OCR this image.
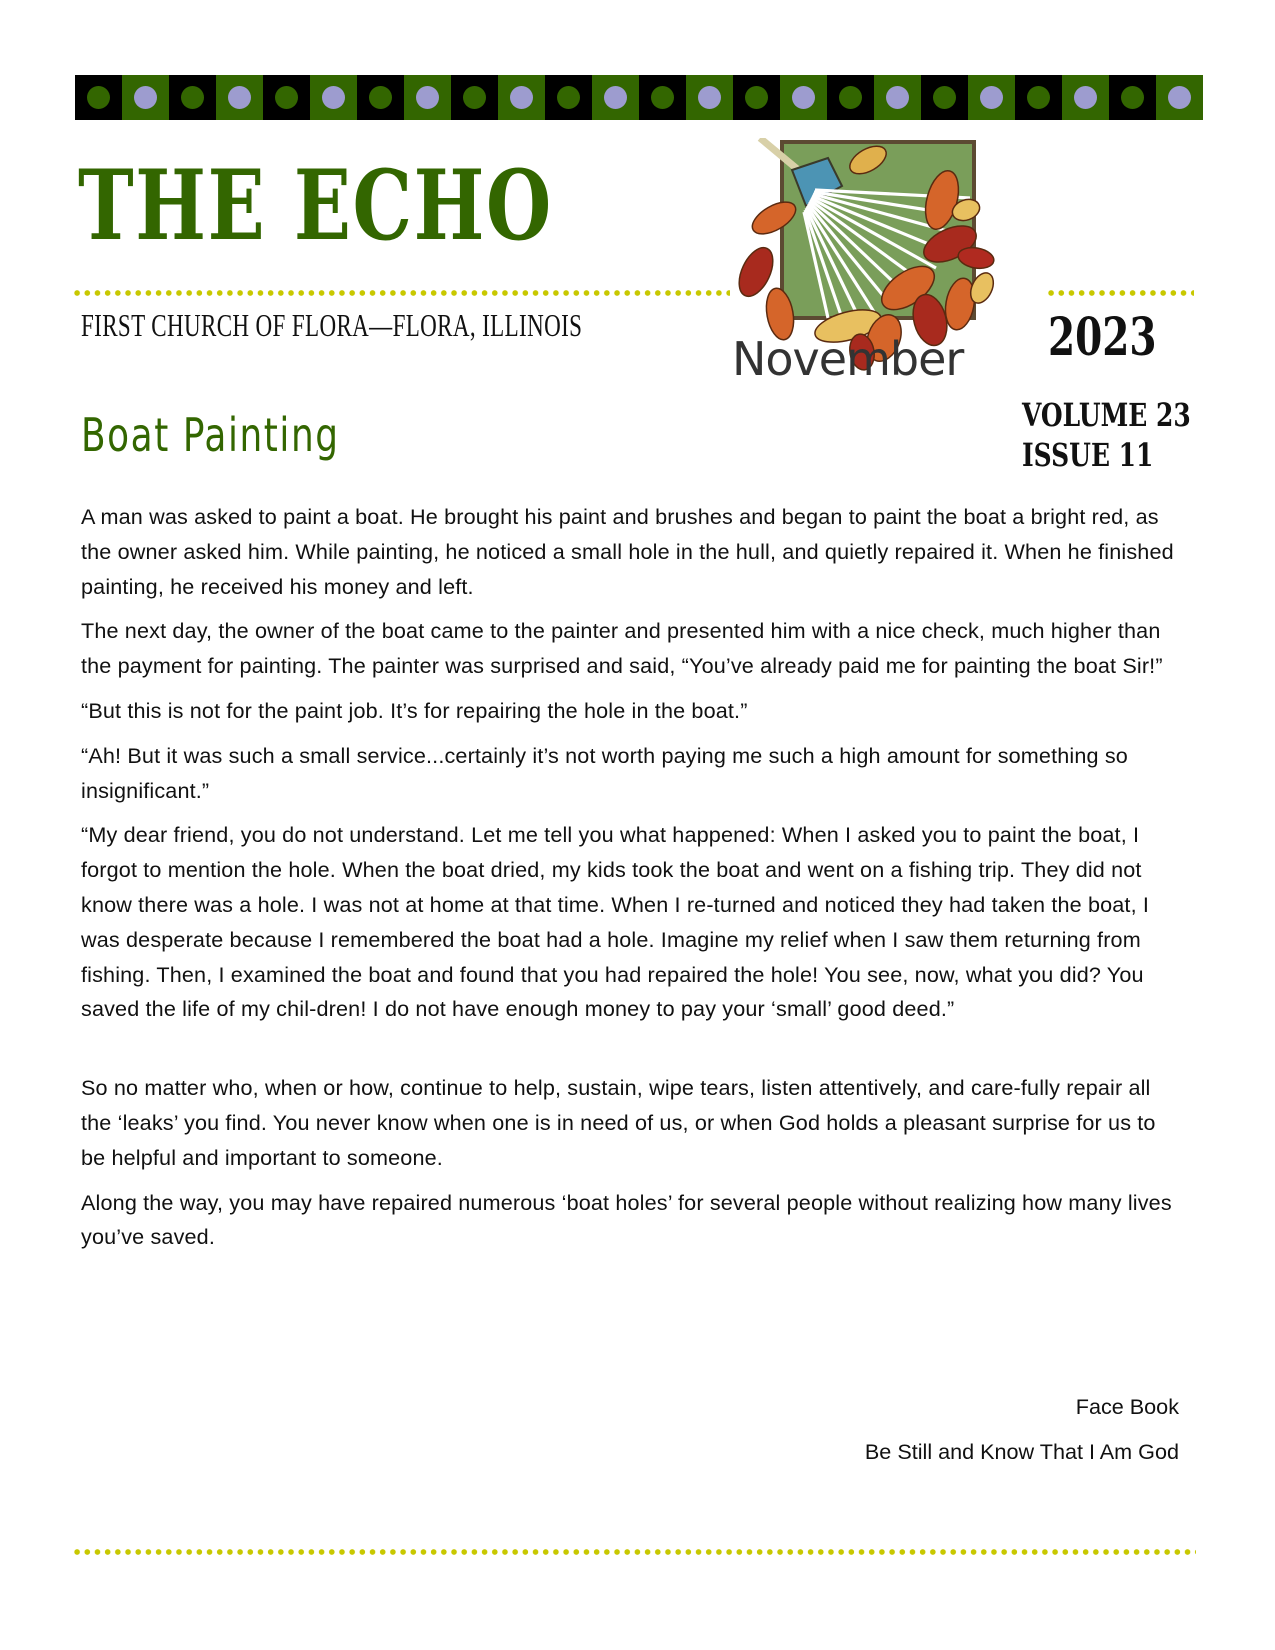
THE ECHO
FIRST CHURCH OF FLORA—FLORA, ILLINOIS
November 2023
VOLUME 23
ISSUE 11
Boat Painting

A man was asked to paint a boat. He brought his paint and brushes and began to paint the boat a bright red, as the owner asked him. While painting, he noticed a small hole in the hull, and quietly repaired it. When he finished painting, he received his money and left.

The next day, the owner of the boat came to the painter and presented him with a nice check, much higher than the payment for painting. The painter was surprised and said, “You’ve already paid me for painting the boat Sir!”

“But this is not for the paint job. It’s for repairing the hole in the boat.”

“Ah! But it was such a small service...certainly it’s not worth paying me such a high amount for something so insignificant.”

“My dear friend, you do not understand. Let me tell you what happened: When I asked you to paint the boat, I forgot to mention the hole. When the boat dried, my kids took the boat and went on a fishing trip. They did not know there was a hole. I was not at home at that time. When I re-turned and noticed they had taken the boat, I was desperate because I remembered the boat had a hole. Imagine my relief when I saw them returning from fishing. Then, I examined the boat and found that you had repaired the hole! You see, now, what you did? You saved the life of my chil-dren! I do not have enough money to pay your ‘small’ good deed.”

So no matter who, when or how, continue to help, sustain, wipe tears, listen attentively, and care-fully repair all the ‘leaks’ you find. You never know when one is in need of us, or when God holds a pleasant surprise for us to be helpful and important to someone.

Along the way, you may have repaired numerous ‘boat holes’ for several people without realizing how many lives you’ve saved.

Face Book

Be Still and Know That I Am God
